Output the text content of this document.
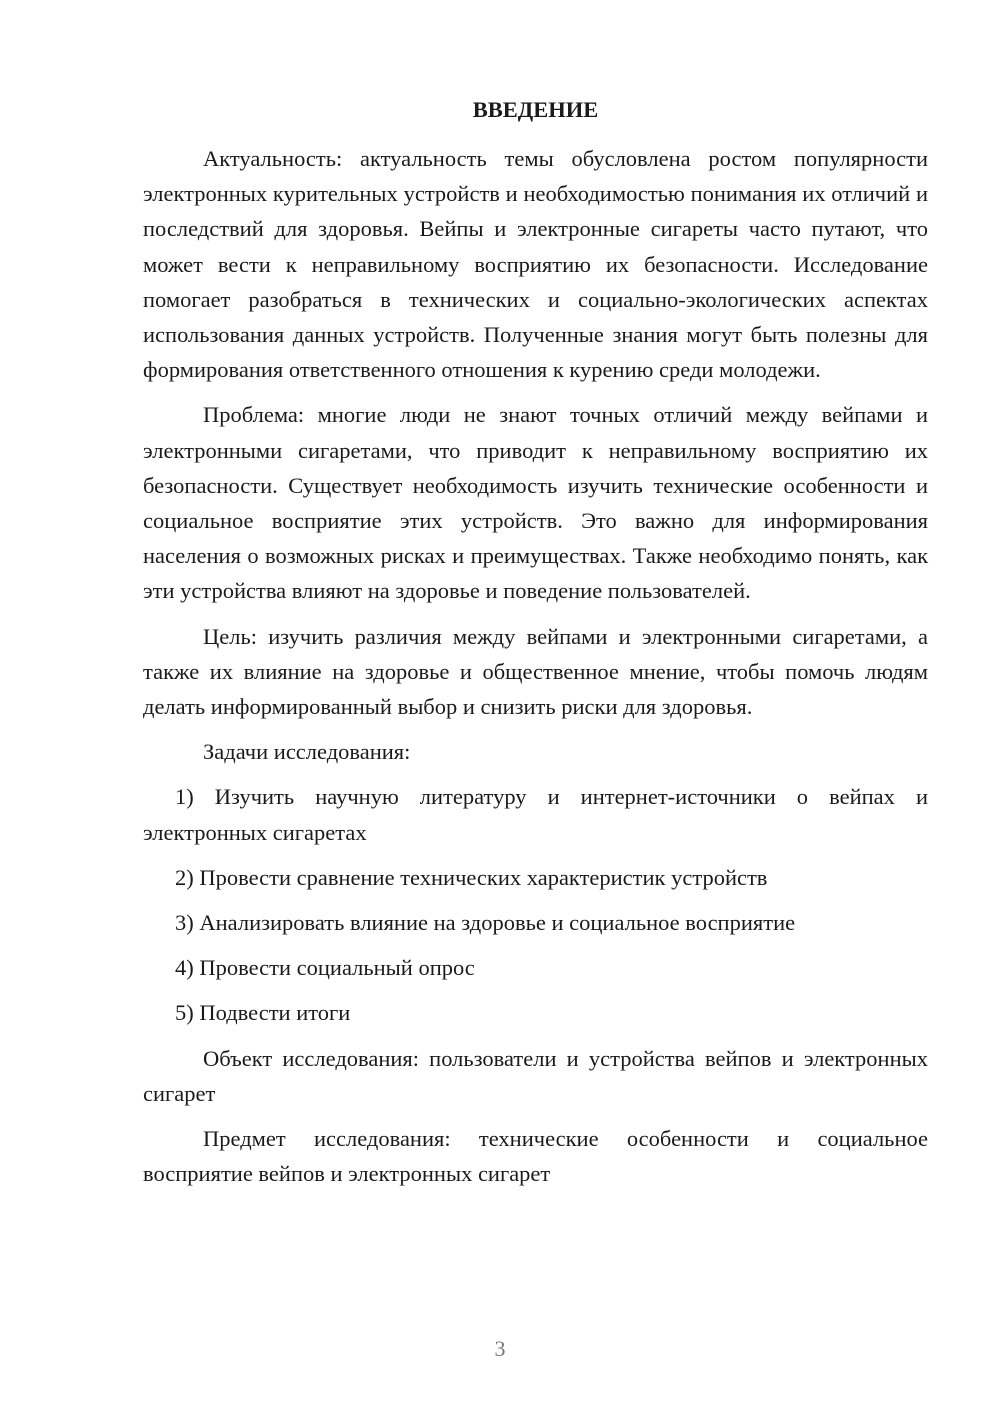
ВВЕДЕНИЕ

Актуальность: актуальность темы обусловлена ростом популярности электронных курительных устройств и необходимостью понимания их отличий и последствий для здоровья. Вейпы и электронные сигареты часто путают, что может вести к неправильному восприятию их безопасности. Исследование помогает разобраться в технических и социально-экологических аспектах использования данных устройств. Полученные знания могут быть полезны для формирования ответственного отношения к курению среди молодежи.

Проблема: многие люди не знают точных отличий между вейпами и электронными сигаретами, что приводит к неправильному восприятию их безопасности. Существует необходимость изучить технические особенности и социальное восприятие этих устройств. Это важно для информирования населения о возможных рисках и преимуществах. Также необходимо понять, как эти устройства влияют на здоровье и поведение пользователей.

Цель: изучить различия между вейпами и электронными сигаретами, а также их влияние на здоровье и общественное мнение, чтобы помочь людям делать информированный выбор и снизить риски для здоровья.

Задачи исследования:

1) Изучить научную литературу и интернет-источники о вейпах и электронных сигаретах

2) Провести сравнение технических характеристик устройств

3) Анализировать влияние на здоровье и социальное восприятие

4) Провести социальный опрос

5) Подвести итоги

Объект исследования: пользователи и устройства вейпов и электронных сигарет

Предмет исследования: технические особенности и социальное восприятие вейпов и электронных сигарет

3
